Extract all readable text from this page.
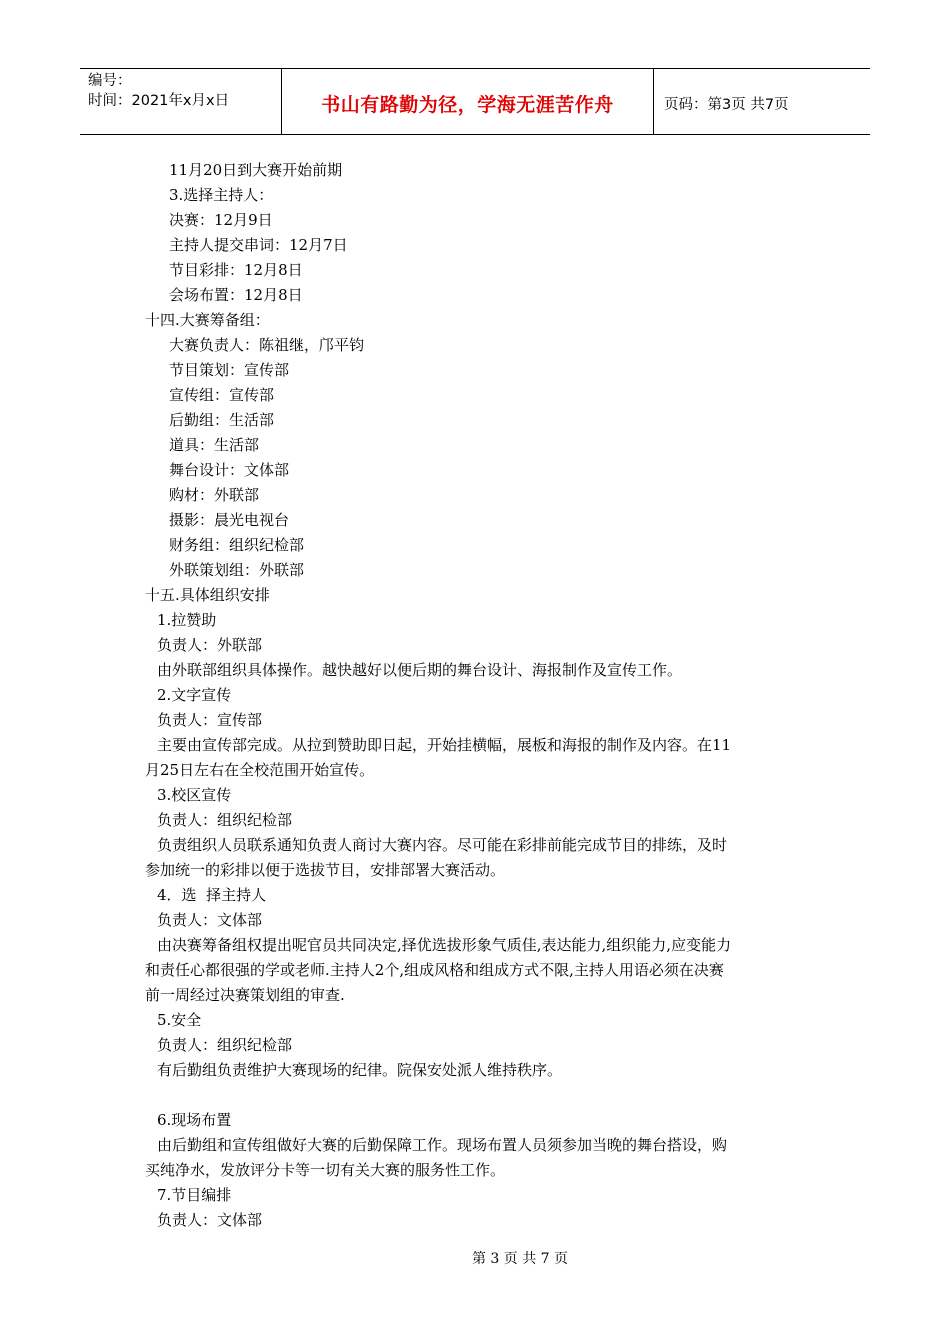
编号：
时间：2021年x月x日	书山有路勤为径，学海无涯苦作舟	页码：第3页 共7页
11月20日到大赛开始前期
3.选择主持人：
决赛：12月9日
主持人提交串词：12月7日
节目彩排：12月8日
会场布置：12月8日
十四.大赛筹备组：
大赛负责人：陈祖继，邝平钧
节目策划：宣传部
宣传组：宣传部
后勤组：生活部
道具：生活部
舞台设计：文体部
购材：外联部
摄影：晨光电视台
财务组：组织纪检部
外联策划组：外联部
十五.具体组织安排
1.拉赞助
负责人：外联部
由外联部组织具体操作。越快越好以便后期的舞台设计、海报制作及宣传工作。
2.文字宣传
负责人：宣传部
主要由宣传部完成。从拉到赞助即日起，开始挂横幅，展板和海报的制作及内容。在11
月25日左右在全校范围开始宣传。
3.校区宣传
负责人：组织纪检部
负责组织人员联系通知负责人商讨大赛内容。尽可能在彩排前能完成节目的排练，及时
参加统一的彩排以便于选拔节目，安排部署大赛活动。
4．选  择主持人
负责人：文体部
由决赛筹备组权提出呢官员共同决定,择优选拔形象气质佳,表达能力,组织能力,应变能力
和责任心都很强的学或老师.主持人2个,组成风格和组成方式不限,主持人用语必须在决赛
前一周经过决赛策划组的审查.
5.安全
负责人：组织纪检部
有后勤组负责维护大赛现场的纪律。院保安处派人维持秩序。
6.现场布置
由后勤组和宣传组做好大赛的后勤保障工作。现场布置人员须参加当晚的舞台搭设，购
买纯净水，发放评分卡等一切有关大赛的服务性工作。
7.节目编排
负责人：文体部
第 3 页 共 7 页
